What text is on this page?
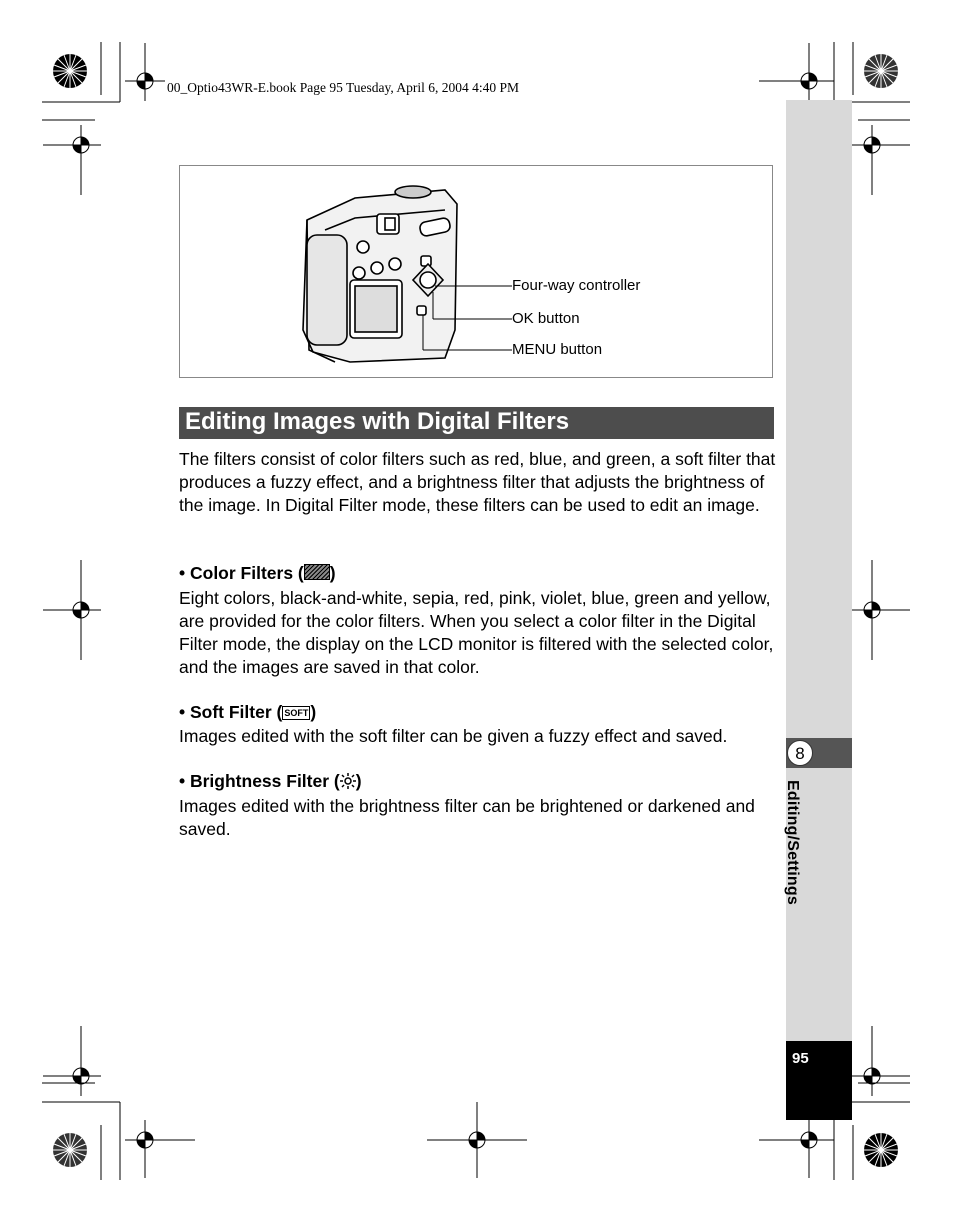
00_Optio43WR-E.book Page 95 Tuesday, April 6, 2004 4:40 PM
8
Editing/Settings
95
Four-way controller
OK button
MENU button
Editing Images with Digital Filters
The filters consist of color filters such as red, blue, and green, a soft filter that produces a fuzzy effect, and a brightness filter that adjusts the brightness of the image. In Digital Filter mode, these filters can be used to edit an image.
• Color Filters ( )
Eight colors, black-and-white, sepia, red, pink, violet, blue, green and yellow, are provided for the color filters. When you select a color filter in the Digital Filter mode, the display on the LCD monitor is filtered with the selected color, and the images are saved in that color.
• Soft Filter ( SOFT )
Images edited with the soft filter can be given a fuzzy effect and saved.
• Brightness Filter ( )
Images edited with the brightness filter can be brightened or darkened and saved.
